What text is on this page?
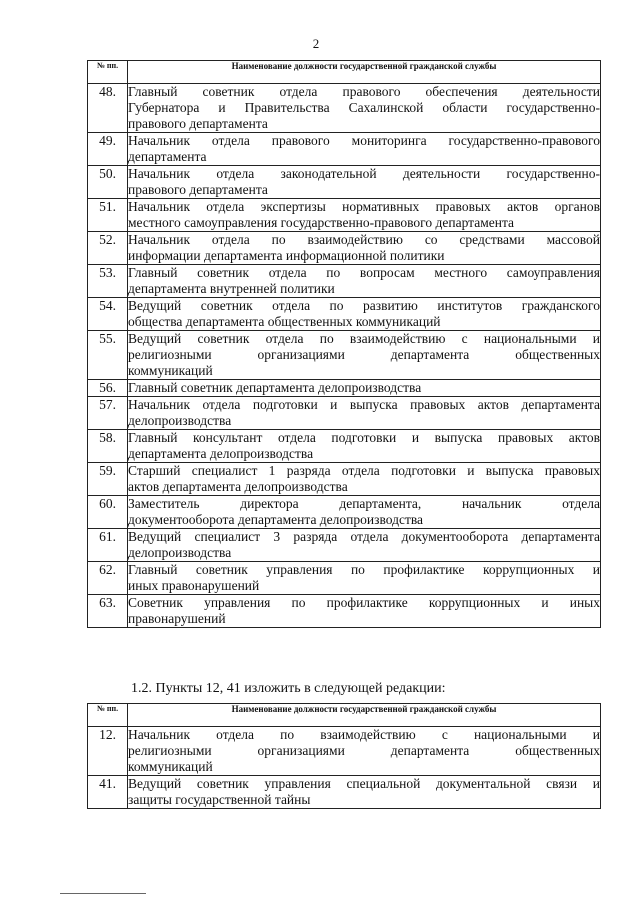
2
№ пп.	Наименование должности государственной гражданской службы
48.	Главный советник отдела правового обеспечения деятельности
Губернатора и Правительства Сахалинской области государственно-
правового департамента

49.	Начальник отдела правового мониторинга государственно-правового
департамента

50.	Начальник отдела законодательной деятельности государственно-
правового департамента

51.	Начальник отдела экспертизы нормативных правовых актов органов
местного самоуправления государственно-правового департамента

52.	Начальник отдела по взаимодействию со средствами массовой
информации департамента информационной политики

53.	Главный советник отдела по вопросам местного самоуправления
департамента внутренней политики

54.	Ведущий советник отдела по развитию институтов гражданского
общества департамента общественных коммуникаций

55.	Ведущий советник отдела по взаимодействию с национальными и
религиозными организациями департамента общественных
коммуникаций

56.	Главный советник департамента делопроизводства

57.	Начальник отдела подготовки и выпуска правовых актов департамента
делопроизводства

58.	Главный консультант отдела подготовки и выпуска правовых актов
департамента делопроизводства

59.	Старший специалист 1 разряда отдела подготовки и выпуска правовых
актов департамента делопроизводства

60.	Заместитель директора департамента, начальник отдела
документооборота департамента делопроизводства

61.	Ведущий специалист 3 разряда отдела документооборота департамента
делопроизводства

62.	Главный советник управления по профилактике коррупционных и
иных правонарушений

63.	Советник управления по профилактике коррупционных и иных
правонарушений
1.2. Пункты 12, 41 изложить в следующей редакции:
№ пп.	Наименование должности государственной гражданской службы
12.	Начальник отдела по взаимодействию с национальными и
религиозными организациями департамента общественных
коммуникаций

41.	Ведущий советник управления специальной документальной связи и
защиты государственной тайны
